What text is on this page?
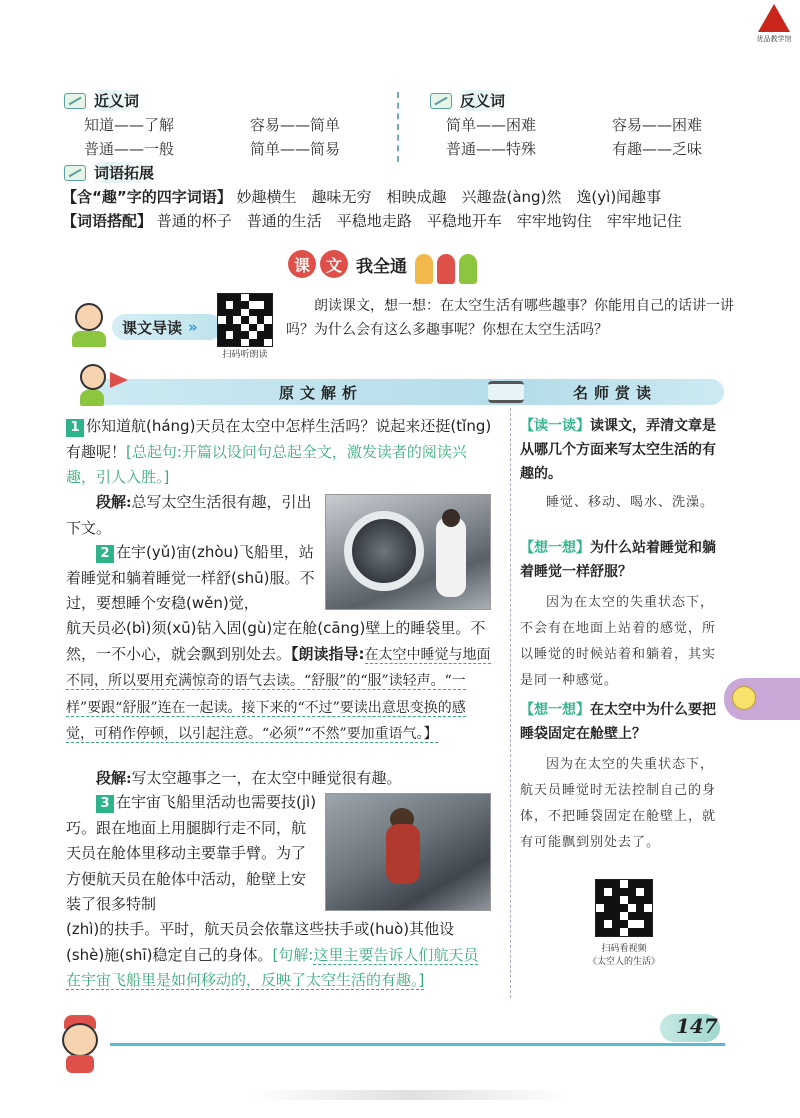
优品教学馆
近义词
知道——了解	容易——简单
普通——一般	简单——简易
反义词
简单——困难	容易——困难
普通——特殊	有趣——乏味
词语拓展
【含“趣”字的四字词语】 妙趣横生　趣味无穷　相映成趣　兴趣盎(àng)然　逸(yì)闻趣事
【词语搭配】 普通的杯子　普通的生活　平稳地走路　平稳地开车　牢牢地钩住　牢牢地记住
课 文 我全通
课文导读 »
扫码听朗读
朗读课文，想一想：在太空生活有哪些趣事？你能用自己的话讲一讲吗？为什么会有这么多趣事呢？你想在太空生活吗？
原文解析	名师赏读
1 你知道航(háng)天员在太空中怎样生活吗？说起来还挺(tǐng)有趣呢！[总起句:开篇以设问句总起全文，激发读者的阅读兴趣，引人入胜。]
段解:总写太空生活很有趣，引出下文。
2 在宇(yǔ)宙(zhòu)飞船里，站着睡觉和躺着睡觉一样舒(shū)服。不过，要想睡个安稳(wěn)觉，
航天员必(bì)须(xū)钻入固(gù)定在舱(cāng)壁上的睡袋里。不然，一不小心，就会飘到别处去。【朗读指导:在太空中睡觉与地面不同，所以要用充满惊奇的语气去读。“舒服”的“服”读轻声。“一样”要跟“舒服”连在一起读。接下来的“不过”要读出意思变换的感觉，可稍作停顿，以引起注意。“必须”“不然”要加重语气。】
段解:写太空趣事之一，在太空中睡觉很有趣。
3 在宇宙飞船里活动也需要技(jì)巧。跟在地面上用腿脚行走不同，航天员在舱体里移动主要靠手臂。为了方便航天员在舱体中活动，舱壁上安装了很多特制
(zhì)的扶手。平时，航天员会依靠这些扶手或(huò)其他设(shè)施(shī)稳定自己的身体。[句解:这里主要告诉人们航天员在宇宙飞船里是如何移动的，反映了太空生活的有趣。]
【读一读】读课文，弄清文章是从哪几个方面来写太空生活的有趣的。
睡觉、移动、喝水、洗澡。
【想一想】为什么站着睡觉和躺着睡觉一样舒服？
因为在太空的失重状态下，不会有在地面上站着的感觉，所以睡觉的时候站着和躺着，其实是同一种感觉。
【想一想】在太空中为什么要把睡袋固定在舱壁上？
因为在太空的失重状态下，航天员睡觉时无法控制自己的身体，不把睡袋固定在舱壁上，就有可能飘到别处去了。
扫码看视频
《太空人的生活》
147
